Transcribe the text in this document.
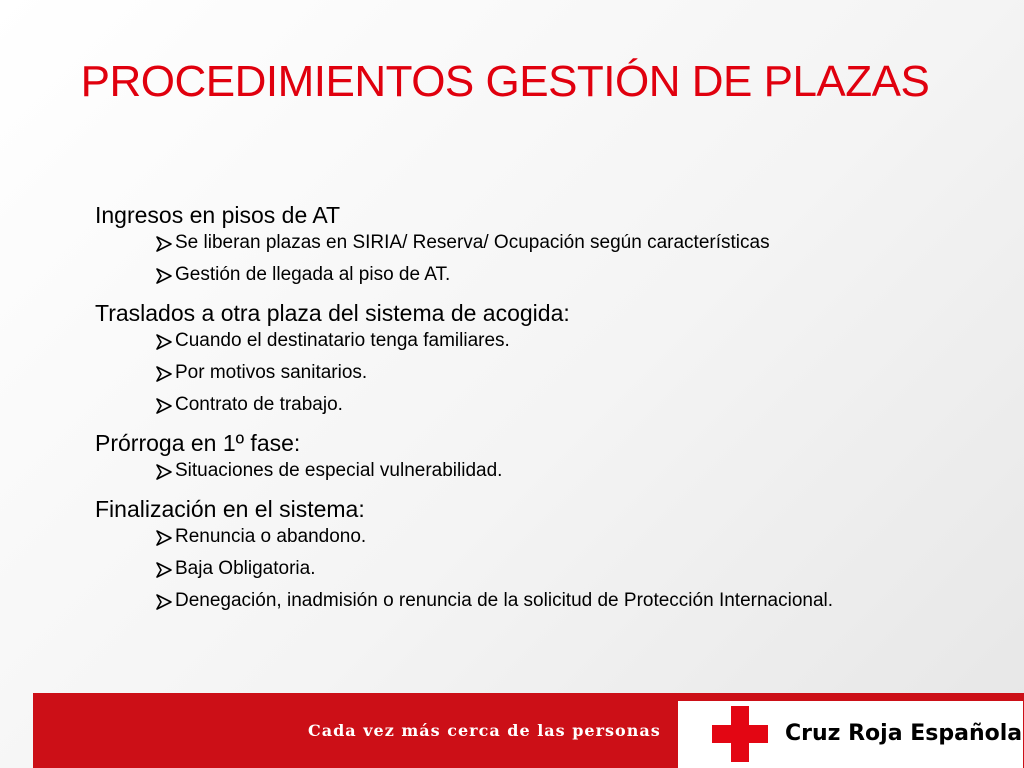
PROCEDIMIENTOS GESTIÓN DE PLAZAS

Ingresos en pisos de AT

Se liberan plazas en SIRIA/ Reserva/ Ocupación según características
Gestión de llegada al piso de AT.

Traslados a otra plaza del sistema de acogida:

Cuando el destinatario tenga familiares.
Por motivos sanitarios.
Contrato de trabajo.

Prórroga en 1º fase:

Situaciones de especial vulnerabilidad.

Finalización en el sistema:

Renuncia o abandono.
Baja Obligatoria.
Denegación, inadmisión o renuncia de la solicitud de Protección Internacional.
Cada vez más cerca de las personas	Cruz Roja Española
